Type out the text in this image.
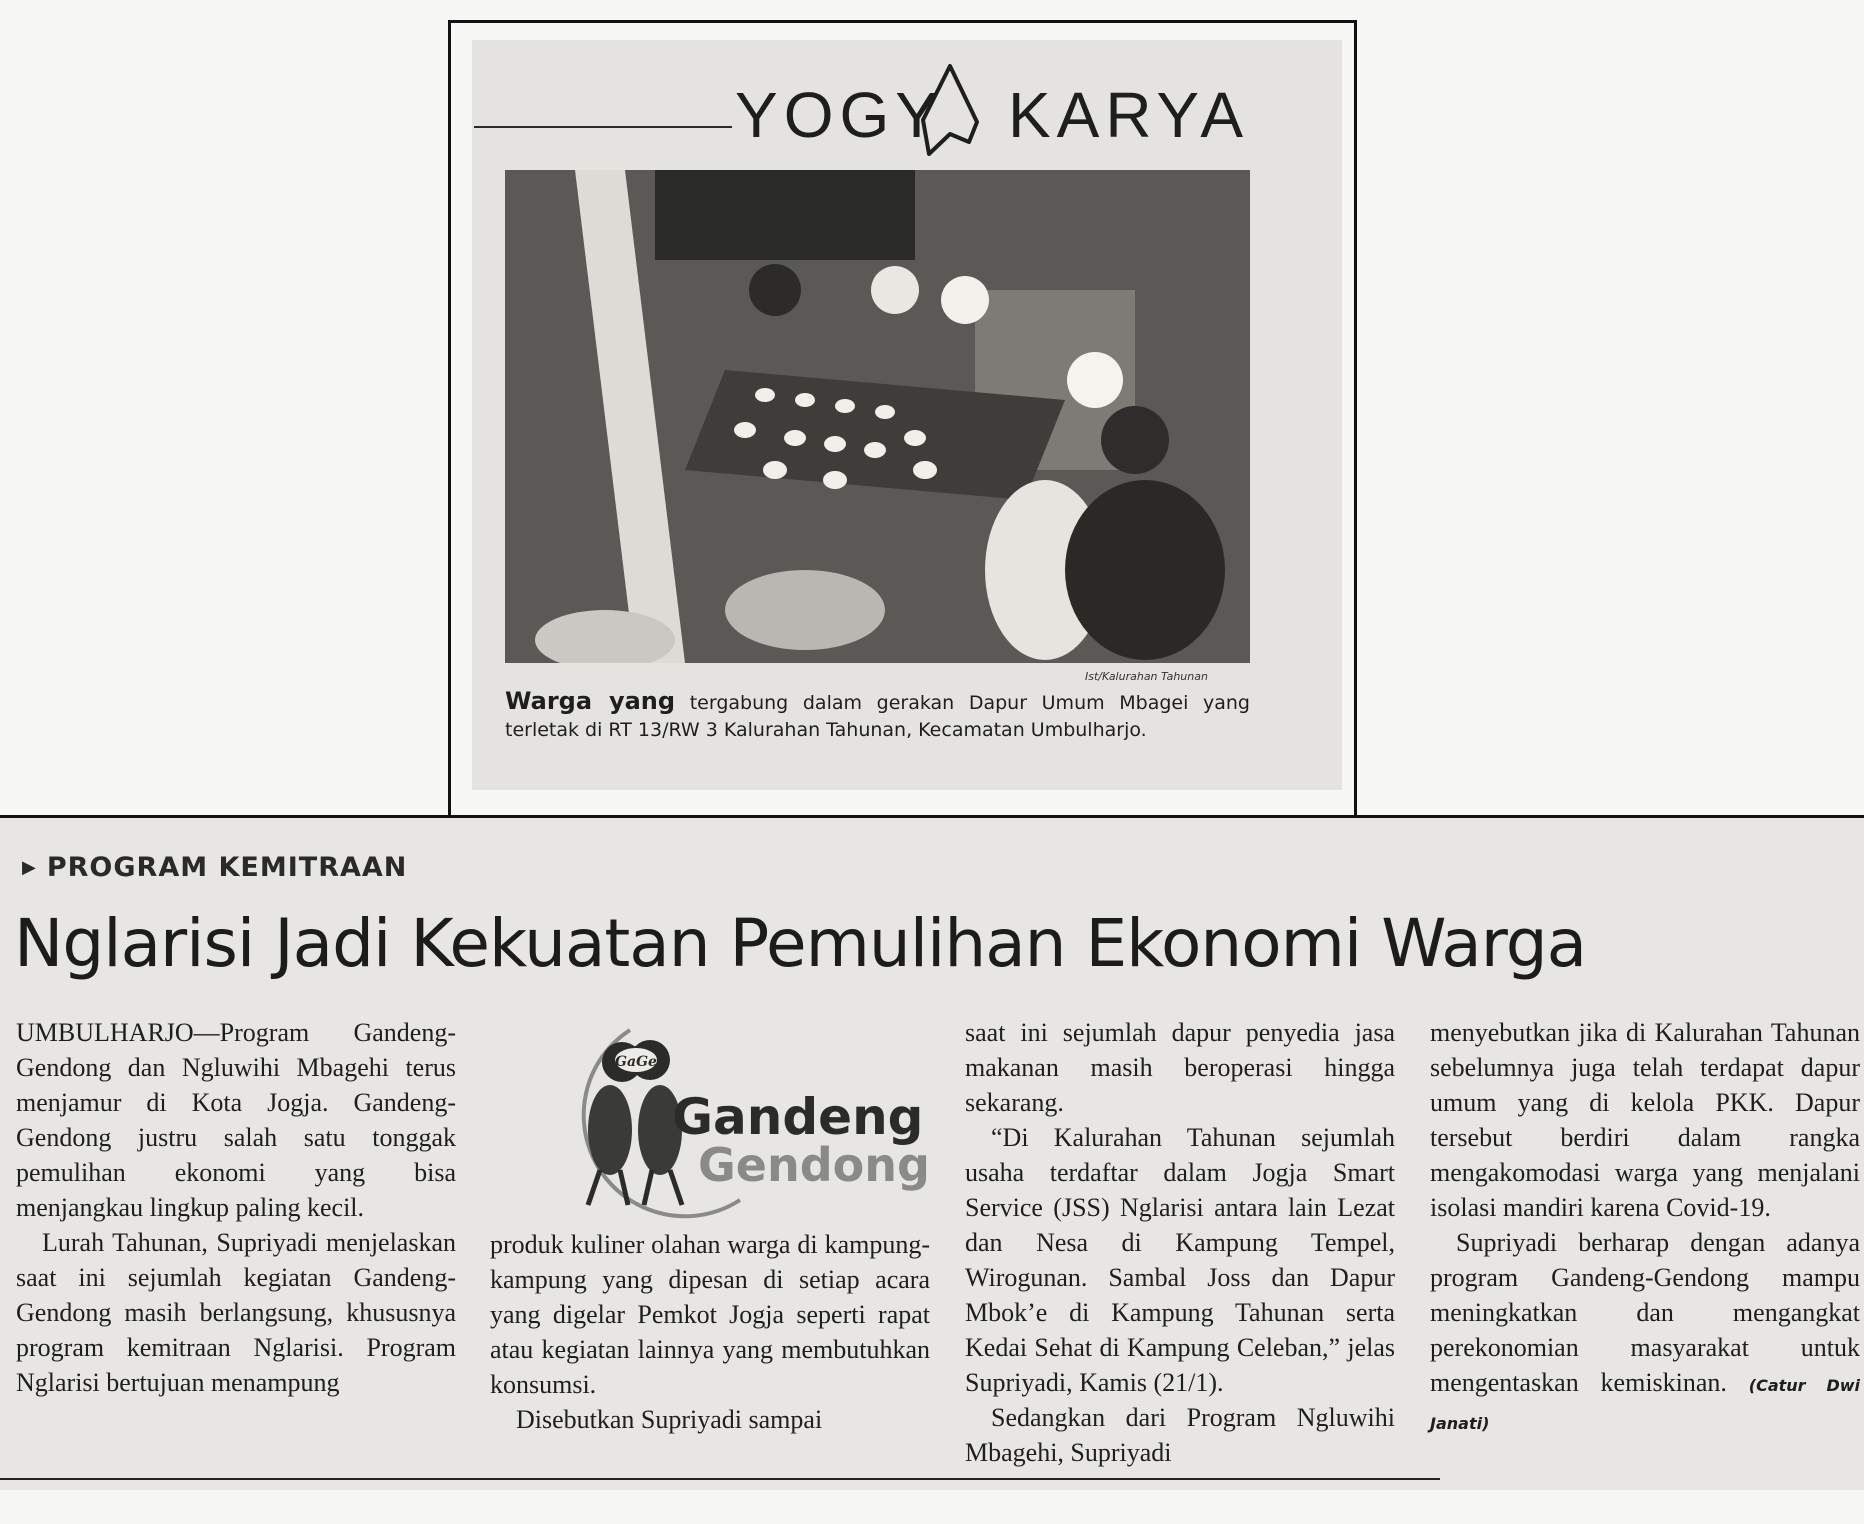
YOGY KARYA
Ist/Kalurahan Tahunan
Warga yang tergabung dalam gerakan Dapur Umum Mbagei yang terletak di RT 13/RW 3 Kalurahan Tahunan, Kecamatan Umbulharjo.
▶ PROGRAM KEMITRAAN
Nglarisi Jadi Kekuatan Pemulihan Ekonomi Warga

UMBULHARJO—Program Gandeng-Gendong dan Ngluwihi Mbagehi terus menjamur di Kota Jogja. Gandeng-Gendong justru salah satu tonggak pemulihan ekonomi yang bisa menjangkau lingkup paling kecil.

Lurah Tahunan, Supriyadi menjelaskan saat ini sejumlah kegiatan Gandeng-Gendong masih berlangsung, khususnya program kemitraan Nglarisi. Program Nglarisi bertujuan menampung

GaGe
Gandeng
Gendong

produk kuliner olahan warga di kampung-kampung yang dipesan di setiap acara yang digelar Pemkot Jogja seperti rapat atau kegiatan lainnya yang membutuhkan konsumsi.

Disebutkan Supriyadi sampai

saat ini sejumlah dapur penyedia jasa makanan masih beroperasi hingga sekarang.

“Di Kalurahan Tahunan sejumlah usaha terdaftar dalam Jogja Smart Service (JSS) Nglarisi antara lain Lezat dan Nesa di Kampung Tempel, Wirogunan. Sambal Joss dan Dapur Mbok’e di Kampung Tahunan serta Kedai Sehat di Kampung Celeban,” jelas Supriyadi, Kamis (21/1).

Sedangkan dari Program Ngluwihi Mbagehi, Supriyadi

menyebutkan jika di Kalurahan Tahunan sebelumnya juga telah terdapat dapur umum yang di kelola PKK. Dapur tersebut berdiri dalam rangka mengakomodasi warga yang menjalani isolasi mandiri karena Covid-19.

Supriyadi berharap dengan adanya program Gandeng-Gendong mampu meningkatkan dan mengangkat perekonomian masyarakat untuk mengentaskan kemiskinan. (Catur Dwi Janati)
